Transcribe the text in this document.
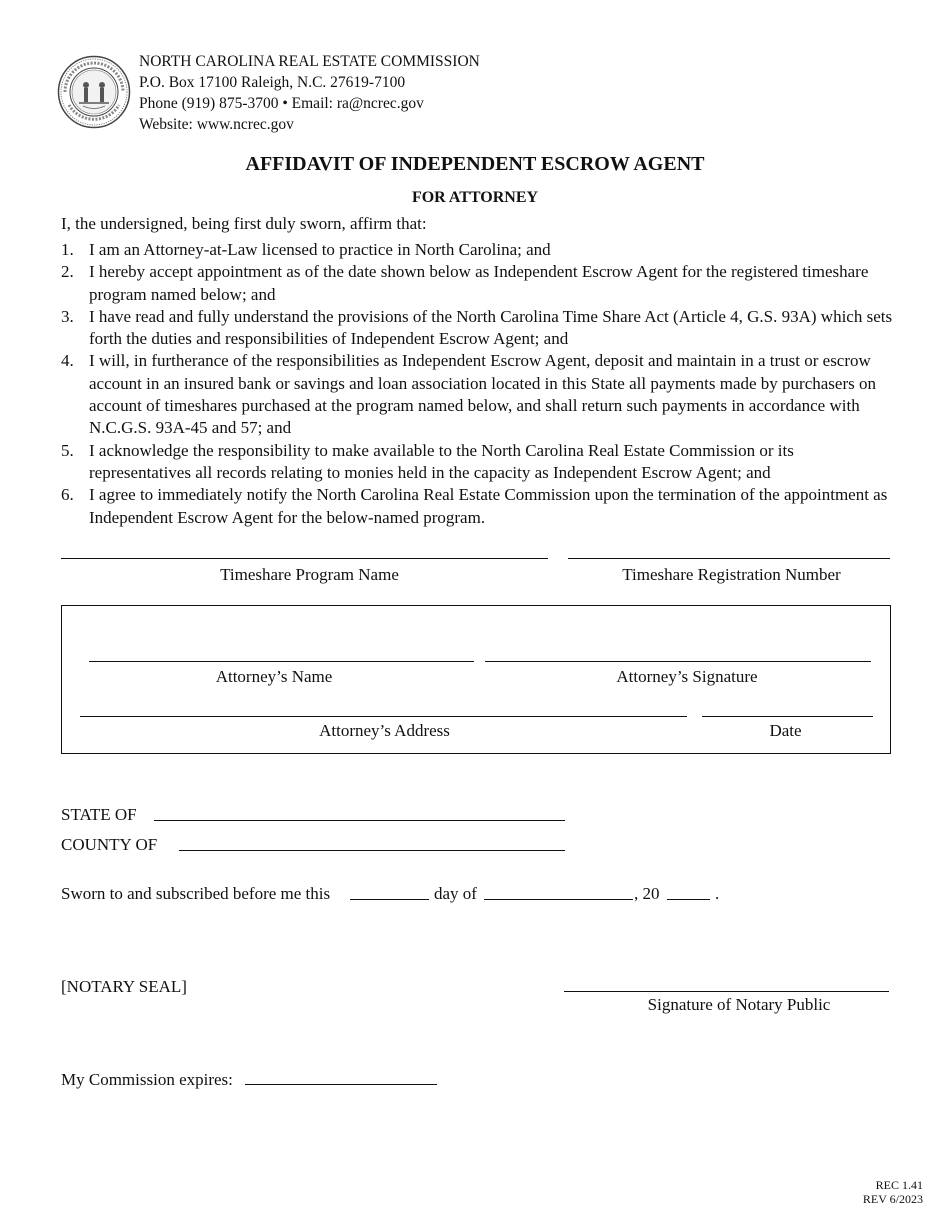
NORTH CAROLINA REAL ESTATE COMMISSION
P.O. Box 17100 Raleigh, N.C. 27619-7100
Phone (919) 875-3700 • Email: ra@ncrec.gov
Website: www.ncrec.gov
AFFIDAVIT OF INDEPENDENT ESCROW AGENT
FOR ATTORNEY
I, the undersigned, being first duly sworn, affirm that:
1. I am an Attorney-at-Law licensed to practice in North Carolina; and
2. I hereby accept appointment as of the date shown below as Independent Escrow Agent for the registered timeshare program named below; and
3. I have read and fully understand the provisions of the North Carolina Time Share Act (Article 4, G.S. 93A) which sets forth the duties and responsibilities of Independent Escrow Agent; and
4. I will, in furtherance of the responsibilities as Independent Escrow Agent, deposit and maintain in a trust or escrow account in an insured bank or savings and loan association located in this State all payments made by purchasers on account of timeshares purchased at the program named below, and shall return such payments in accordance with N.C.G.S. 93A-45 and 57; and
5. I acknowledge the responsibility to make available to the North Carolina Real Estate Commission or its representatives all records relating to monies held in the capacity as Independent Escrow Agent; and
6. I agree to immediately notify the North Carolina Real Estate Commission upon the termination of the appointment as Independent Escrow Agent for the below-named program.
Timeshare Program Name	Timeshare Registration Number
Attorney’s Name	Attorney’s Signature
Attorney’s Address	Date
STATE OF
COUNTY OF
Sworn to and subscribed before me this	day of	, 20	.
[NOTARY SEAL]
Signature of Notary Public
My Commission expires:
REC 1.41
REV 6/2023
